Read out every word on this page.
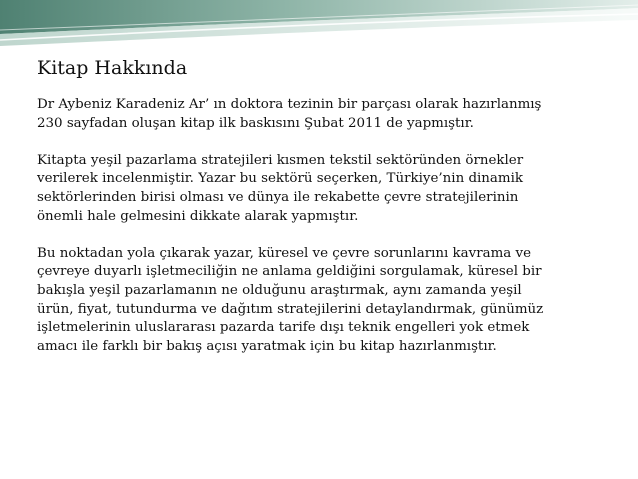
Kitap Hakkında

Dr Aybeniz Karadeniz Ar’ ın doktora tezinin bir parçası olarak hazırlanmış
230 sayfadan oluşan kitap ilk baskısını Şubat 2011 de yapmıştır.

Kitapta yeşil pazarlama stratejileri kısmen tekstil sektöründen örnekler
verilerek incelenmiştir. Yazar bu sektörü seçerken, Türkiye’nin dinamik
sektörlerinden birisi olması ve dünya ile rekabette çevre stratejilerinin
önemli hale gelmesini dikkate alarak yapmıştır.

Bu noktadan yola çıkarak yazar, küresel ve çevre sorunlarını kavrama ve
çevreye duyarlı işletmeciliğin ne anlama geldiğini sorgulamak, küresel bir
bakışla yeşil pazarlamanın ne olduğunu araştırmak, aynı zamanda yeşil
ürün, fiyat, tutundurma ve dağıtım stratejilerini detaylandırmak, günümüz
işletmelerinin uluslararası pazarda tarife dışı teknik engelleri yok etmek
amacı ile farklı bir bakış açısı yaratmak için bu kitap hazırlanmıştır.
